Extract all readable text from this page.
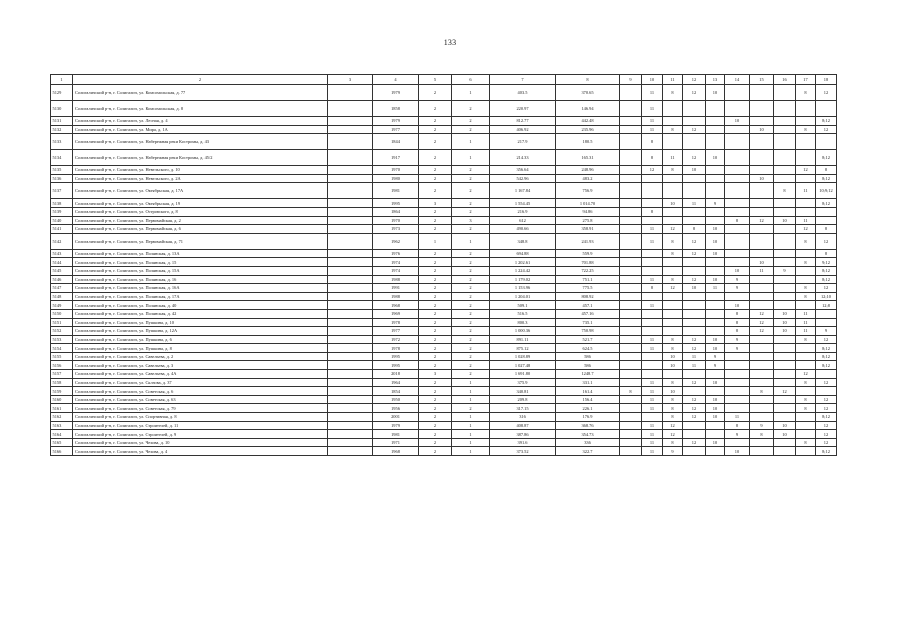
133
1	2	3	4	5	6	7	8	9	10	11	12	13	14	15	16	17	18
5129	Солигаличский р-н, г. Солигалич, ул. Комсомольская, д. 77		1979	2	1	403.5	370.65		11	8	12	10				8	12
5130	Солигаличский р-н, г. Солигалич, ул. Комсомольская, д. 8		1858	2	2	220.97	146.94		11								
5131	Солигаличский р-н, г. Солигалич, ул. Лесная, д. 4		1979	2	2	812.77	442.48		11				10				8;12
5132	Солигаличский р-н, г. Солигалич, ул. Мира, д. 1А		1977	2	2	406.92	235.96		11	8	12			10		8	12
5133	Солигаличский р-н, г. Солигалич, ул. Набережная реки Костромы, д. 43		1844	2	1	217.9	180.5		8								
5134	Солигаличский р-н, г. Солигалич, ул. Набережная реки Костромы, д. 45/2		1917	2	1	214.33	165.31		8	11	12	10					8;12
5135	Солигаличский р-н, г. Солигалич, ул. Невельского, д. 10		1970	2	2	356.64	248.96		12	8	10					12	8
5136	Солигаличский р-н, г. Солигалич, ул. Невельского, д. 2А		1980	2	2	542.96	483.2							10			8;12
5137	Солигаличский р-н, г. Солигалич, ул. Октябрьская, д. 17А		1981	2	2	1 167.84	756.9								8	11	10;9;12
5138	Солигаличский р-н, г. Солигалич, ул. Октябрьская, д. 19		1995	3	2	1 554.45	1 014.70			10	11	9					8;12
5139	Солигаличский р-н, г. Солигалич, ул. Островского, д. 8		1864	2	2	216.9	94.86		8								
5140	Солигаличский р-н, г. Солигалич, ул. Первомайская, д. 2		1970	2	3	612	275.8						8	12	10	11	
5141	Солигаличский р-н, г. Солигалич, ул. Первомайская, д. 6		1973	2	2	490.66	358.91		11	12	8	10				12	8
5142	Солигаличский р-н, г. Солигалич, ул. Первомайская, д. 71		1962	1	1	348.8	241.93		11	8	12	10				8	12
5143	Солигаличский р-н, г. Солигалич, ул. Полянская, д. 13А		1976	2	2	694.88	559.9			8	12	10					8
5144	Солигаличский р-н, г. Солигалич, ул. Полянская, д. 15		1974	2	2	1 202.61	701.88							10		8	9;12
5145	Солигаличский р-н, г. Солигалич, ул. Полянская, д. 15А		1974	2	2	1 224.42	722.25						10	11	9		8;12
5146	Солигаличский р-н, г. Солигалич, ул. Полянская, д. 16		1988	2	2	1 179.02	751.1		11	8	12	10	9				8;12
5147	Солигаличский р-н, г. Солигалич, ул. Полянская, д. 16А		1991	2	2	1 153.96	775.5		8	12	10	11	9			8	12
5148	Солигаличский р-н, г. Солигалич, ул. Полянская, д. 17А		1988	2	2	1 204.01	808.92									8	12;10
5149	Солигаличский р-н, г. Солигалич, ул. Полянская, д. 40		1968	2	2	509.1	457.1		11				10				12;8
5150	Солигаличский р-н, г. Солигалич, ул. Полянская, д. 42		1969	2	2	516.5	457.16						8	12	10	11	
5151	Солигаличский р-н, г. Солигалич, ул. Пушкина, д. 10		1978	2	2	800.3	735.1						8	12	10	11	
5152	Солигаличский р-н, г. Солигалич, ул. Пушкина, д. 12А		1977	2	2	1 000.36	750.98						8	12	10	11	9
5153	Солигаличский р-н, г. Солигалич, ул. Пушкина, д. 6		1972	2	2	891.11	521.7		11	8	12	10	9			8	12
5154	Солигаличский р-н, г. Солигалич, ул. Пушкина, д. 8		1978	2	2	875.12	624.5		11	8	12	10	9				8;12
5155	Солигаличский р-н, г. Солигалич, ул. Савельева, д. 2		1995	2	2	1 028.89	586			10	11	9					8;12
5156	Солигаличский р-н, г. Солигалич, ул. Савельева, д. 3		1995	2	2	1 027.48	586			10	11	9					8;12
5157	Солигаличский р-н, г. Солигалич, ул. Савельева, д. 4А		2018	3	2	1 691.80	1248.7									12	
5158	Солигаличский р-н, г. Солигалич, ул. Склзова, д. 37		1964	2	1	375.9	331.1		11	8	12	10				8	12
5159	Солигаличский р-н, г. Солигалич, ул. Советская, д. 6		1854	2	1	340.81	161.4	8	11	10				8	12		
5160	Солигаличский р-н, г. Солигалич, ул. Советская, д. 63		1950	2	1	209.8	156.4		11	8	12	10				8	12
5161	Солигаличский р-н, г. Солигалич, ул. Советская, д. 79		1956	2	2	317.15	226.1		11	8	12	10				8	12
5162	Солигаличский р-н, г. Солигалич, ул. Спортивная, д. 8		2001	2	1	316	176.9			8	12	10	11				8;12
5163	Солигаличский р-н, г. Солигалич, ул. Строителей, д. 11		1979	2	1	408.87	368.76		11	12			8	9	10		12
5164	Солигаличский р-н, г. Солигалич, ул. Строителей, д. 9		1981	2	1	387.86	354.73		11	12			9	8	10		12
5165	Солигаличский р-н, г. Солигалич, ул. Чехова, д. 10		1971	2	1	391.6	336		11	8	12	10				8	12
5166	Солигаличский р-н, г. Солигалич, ул. Чехова, д. 4		1968	2	1	373.52	322.7		11	9			10				8;12
